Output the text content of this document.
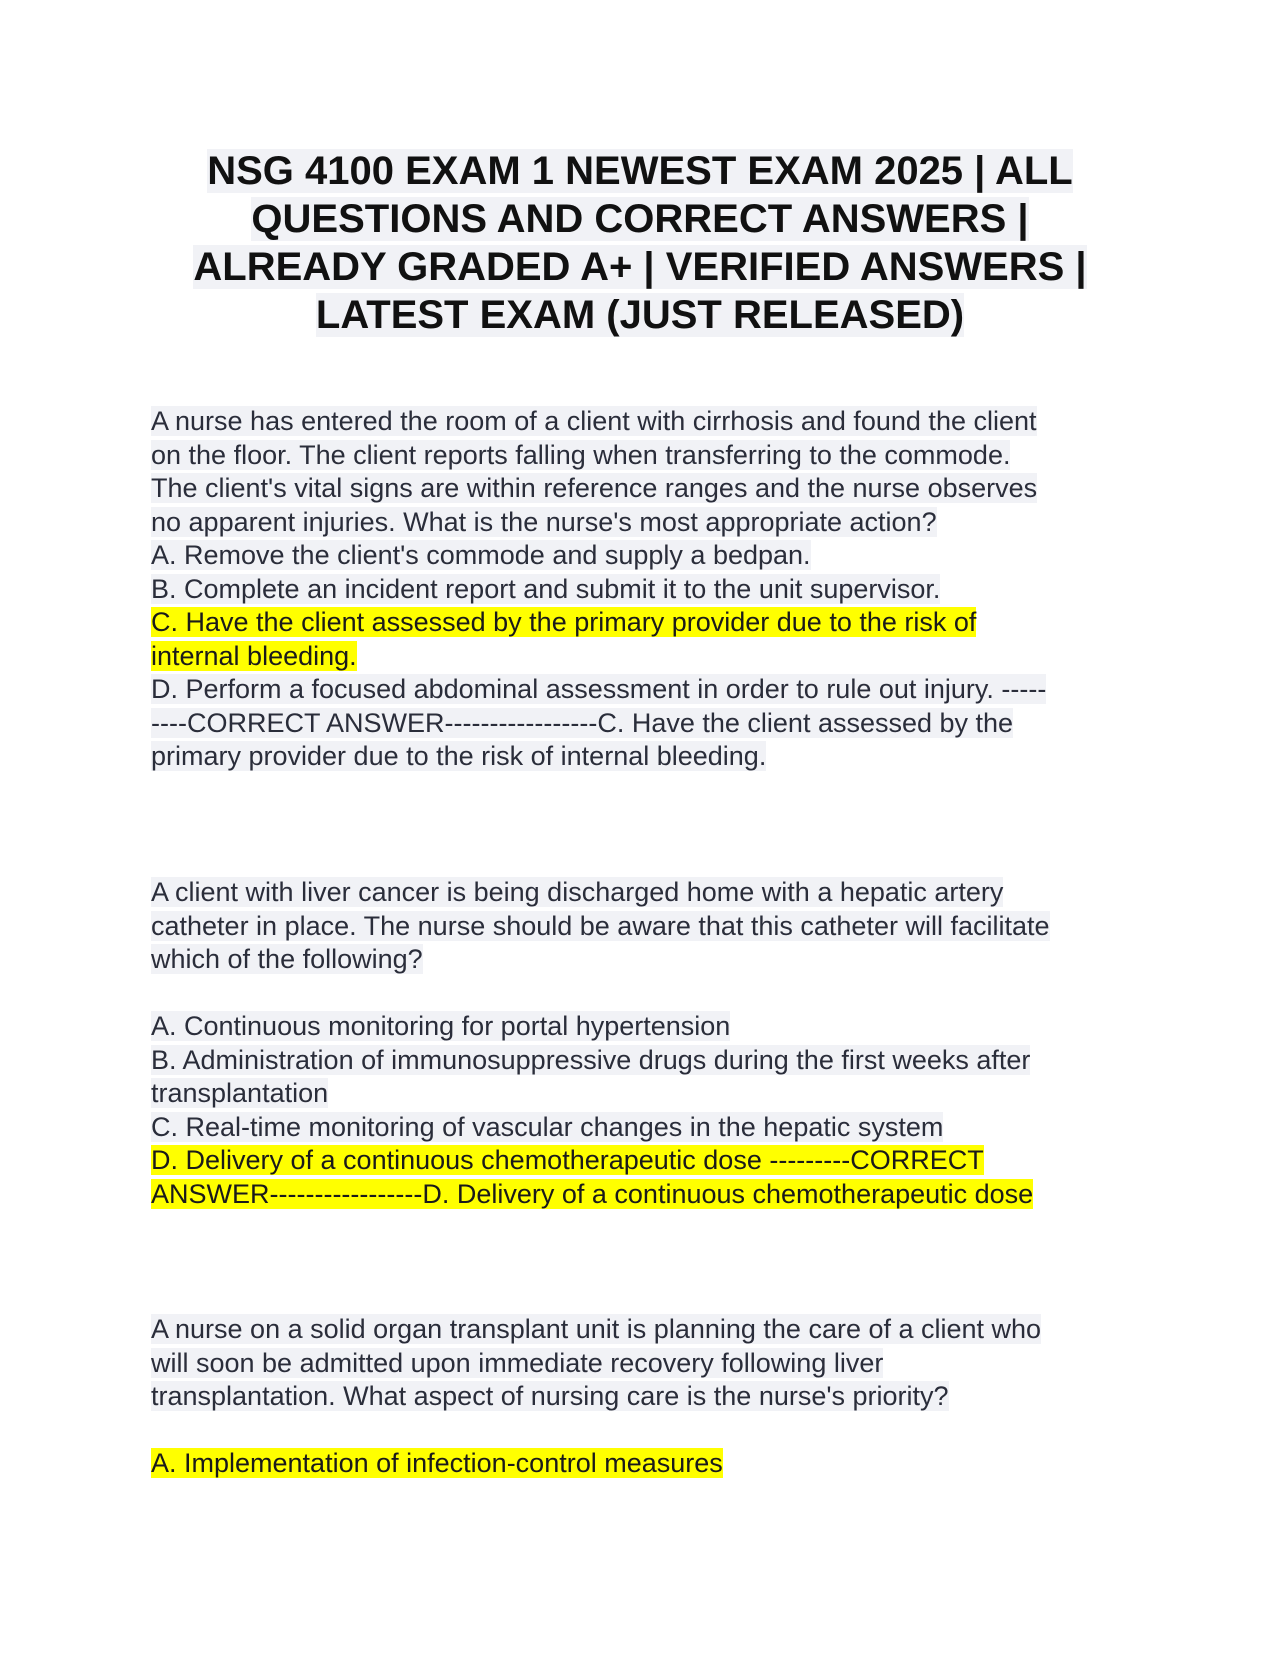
NSG 4100 EXAM 1 NEWEST EXAM 2025 | ALL
QUESTIONS AND CORRECT ANSWERS |
ALREADY GRADED A+ | VERIFIED ANSWERS |
LATEST EXAM (JUST RELEASED)
A nurse has entered the room of a client with cirrhosis and found the client
on the floor. The client reports falling when transferring to the commode.
The client's vital signs are within reference ranges and the nurse observes
no apparent injuries. What is the nurse's most appropriate action?
A. Remove the client's commode and supply a bedpan.
B. Complete an incident report and submit it to the unit supervisor.
C. Have the client assessed by the primary provider due to the risk of
internal bleeding.
D. Perform a focused abdominal assessment in order to rule out injury. -----
----CORRECT ANSWER-----------------C. Have the client assessed by the
primary provider due to the risk of internal bleeding.
A client with liver cancer is being discharged home with a hepatic artery
catheter in place. The nurse should be aware that this catheter will facilitate
which of the following?
A. Continuous monitoring for portal hypertension
B. Administration of immunosuppressive drugs during the first weeks after
transplantation
C. Real-time monitoring of vascular changes in the hepatic system
D. Delivery of a continuous chemotherapeutic dose ---------CORRECT
ANSWER-----------------D. Delivery of a continuous chemotherapeutic dose
A nurse on a solid organ transplant unit is planning the care of a client who
will soon be admitted upon immediate recovery following liver
transplantation. What aspect of nursing care is the nurse's priority?
A. Implementation of infection-control measures
